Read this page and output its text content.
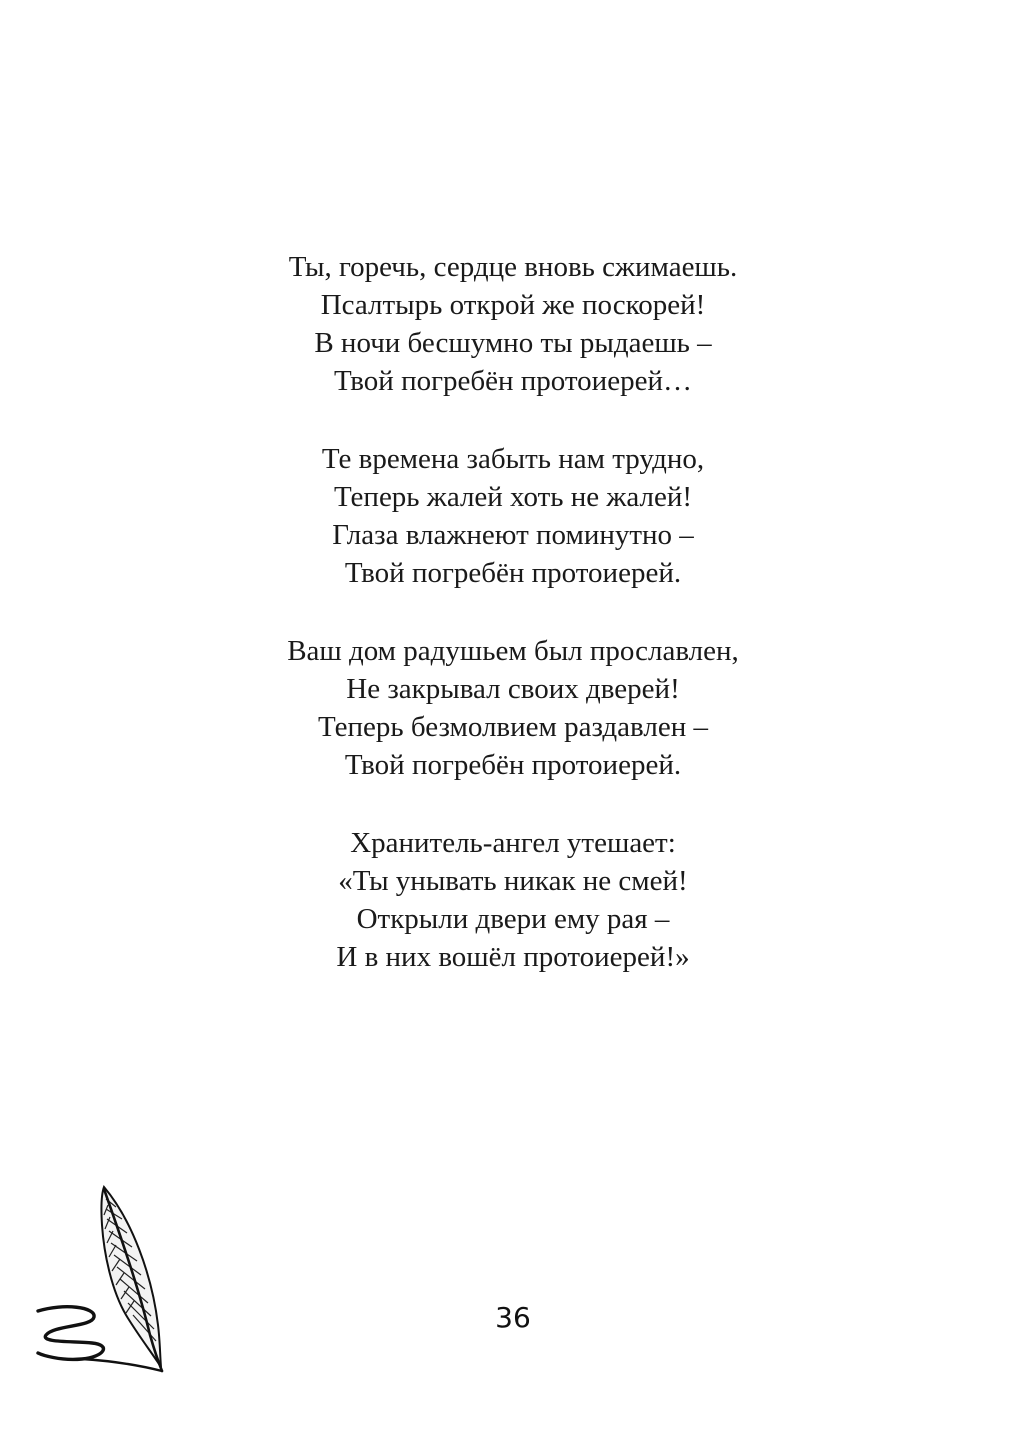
Ты, горечь, сердце вновь сжимаешь.
Псалтырь открой же поскорей!
В ночи бесшумно ты рыдаешь –
Твой погребён протоиерей…
Те времена забыть нам трудно,
Теперь жалей хоть не жалей!
Глаза влажнеют поминутно –
Твой погребён протоиерей.
Ваш дом радушьем был прославлен,
Не закрывал своих дверей!
Теперь безмолвием раздавлен –
Твой погребён протоиерей.
Хранитель-ангел утешает:
«Ты унывать никак не смей!
Открыли двери ему рая –
И в них вошёл протоиерей!»
36
